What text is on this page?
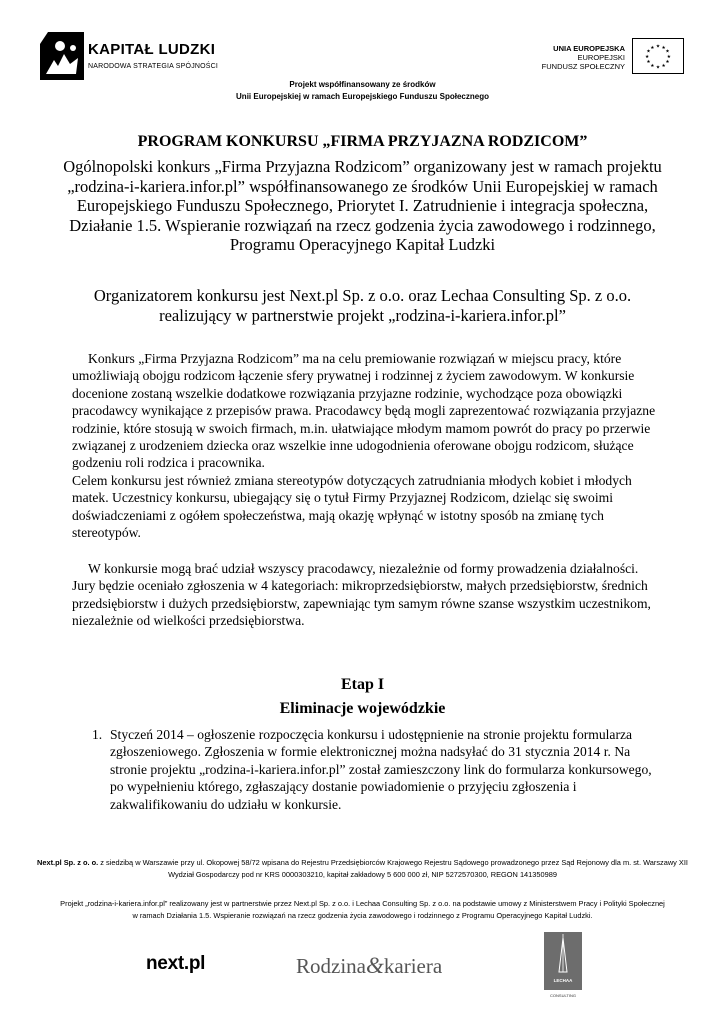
KAPITAŁ LUDZKI
NARODOWA STRATEGIA SPÓJNOŚCI
UNIA EUROPEJSKA
EUROPEJSKI
FUNDUSZ SPOŁECZNY
★ ★
★
★
★
★
★
★
★
★
★
★
Projekt współfinansowany ze środków
Unii Europejskiej w ramach Europejskiego Funduszu Społecznego
PROGRAM KONKURSU „FIRMA PRZYJAZNA RODZICOM”
Ogólnopolski konkurs „Firma Przyjazna Rodzicom” organizowany jest w ramach projektu „rodzina-i-kariera.infor.pl” współfinansowanego ze środków Unii Europejskiej w ramach Europejskiego Funduszu Społecznego, Priorytet I. Zatrudnienie i integracja społeczna, Działanie 1.5. Wspieranie rozwiązań na rzecz godzenia życia zawodowego i rodzinnego, Programu Operacyjnego Kapitał Ludzki
Organizatorem konkursu jest Next.pl Sp. z o.o. oraz Lechaa Consulting Sp. z o.o. realizujący w partnerstwie projekt „rodzina-i-kariera.infor.pl”
Konkurs „Firma Przyjazna Rodzicom” ma na celu premiowanie rozwiązań w miejscu pracy, które umożliwiają obojgu rodzicom łączenie sfery prywatnej i rodzinnej z życiem zawodowym. W konkursie docenione zostaną wszelkie dodatkowe rozwiązania przyjazne rodzinie, wychodzące poza obowiązki pracodawcy wynikające z przepisów prawa. Pracodawcy będą mogli zaprezentować rozwiązania przyjazne rodzinie, które stosują w swoich firmach, m.in. ułatwiające młodym mamom powrót do pracy po przerwie związanej z urodzeniem dziecka oraz wszelkie inne udogodnienia oferowane obojgu rodzicom, służące godzeniu roli rodzica i pracownika.
Celem konkursu jest również zmiana stereotypów dotyczących zatrudniania młodych kobiet i młodych matek. Uczestnicy konkursu, ubiegający się o tytuł Firmy Przyjaznej Rodzicom, dzieląc się swoimi doświadczeniami z ogółem społeczeństwa, mają okazję wpłynąć w istotny sposób na zmianę tych stereotypów.
W konkursie mogą brać udział wszyscy pracodawcy, niezależnie od formy prowadzenia działalności. Jury będzie oceniało zgłoszenia w 4 kategoriach: mikroprzedsiębiorstw, małych przedsiębiorstw, średnich przedsiębiorstw i dużych przedsiębiorstw, zapewniając tym samym równe szanse wszystkim uczestnikom, niezależnie od wielkości przedsiębiorstwa.
Etap I
Eliminacje wojewódzkie
1. Styczeń 2014 – ogłoszenie rozpoczęcia konkursu i udostępnienie na stronie projektu formularza zgłoszeniowego. Zgłoszenia w formie elektronicznej można nadsyłać do 31 stycznia 2014 r. Na stronie projektu „rodzina-i-kariera.infor.pl” został zamieszczony link do formularza konkursowego, po wypełnieniu którego, zgłaszający dostanie powiadomienie o przyjęciu zgłoszenia i zakwalifikowaniu do udziału w konkursie.
Next.pl Sp. z o. o. z siedzibą w Warszawie przy ul. Okopowej 58/72 wpisana do Rejestru Przedsiębiorców Krajowego Rejestru Sądowego prowadzonego przez Sąd Rejonowy dla m. st. Warszawy XII Wydział Gospodarczy pod nr KRS 0000303210, kapitał zakładowy 5 600 000 zł, NIP 5272570300, REGON 141350989
Projekt „rodzina-i-kariera.infor.pl” realizowany jest w partnerstwie przez Next.pl Sp. z o.o. i Lechaa Consulting Sp. z o.o. na podstawie umowy z Ministerstwem Pracy i Polityki Społecznej w ramach Działania 1.5. Wspieranie rozwiązań na rzecz godzenia życia zawodowego i rodzinnego z Programu Operacyjnego Kapitał Ludzki.
next.pl	Rodzina&kariera
LECHAA
CONSULTING
